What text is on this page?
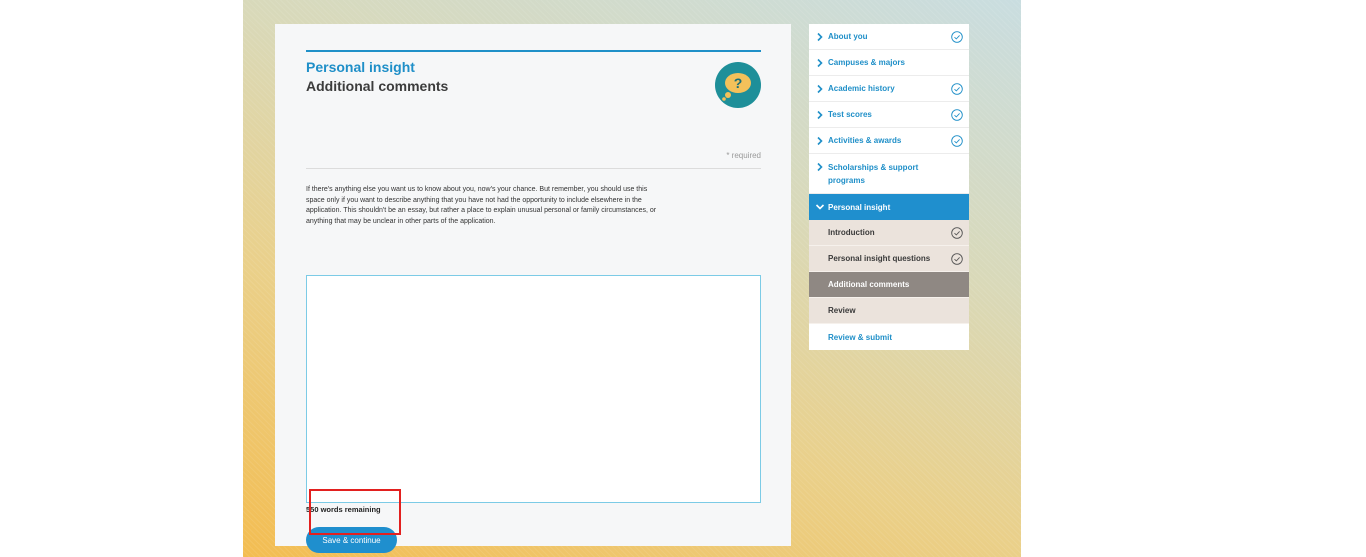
Personal insight
Additional comments	?
* required

If there's anything else you want us to know about you, now's your chance. But remember, you should use this space only if you want to describe anything that you have not had the opportunity to include elsewhere in the application. This shouldn't be an essay, but rather a place to explain unusual personal or family circumstances, or anything that may be unclear in other parts of the application.

550 words remaining
Save & continue
About you
Campuses & majors
Academic history
Test scores
Activities & awards
Scholarships & support programs
Personal insight
Introduction
Personal insight questions
Additional comments
Review
Review & submit
